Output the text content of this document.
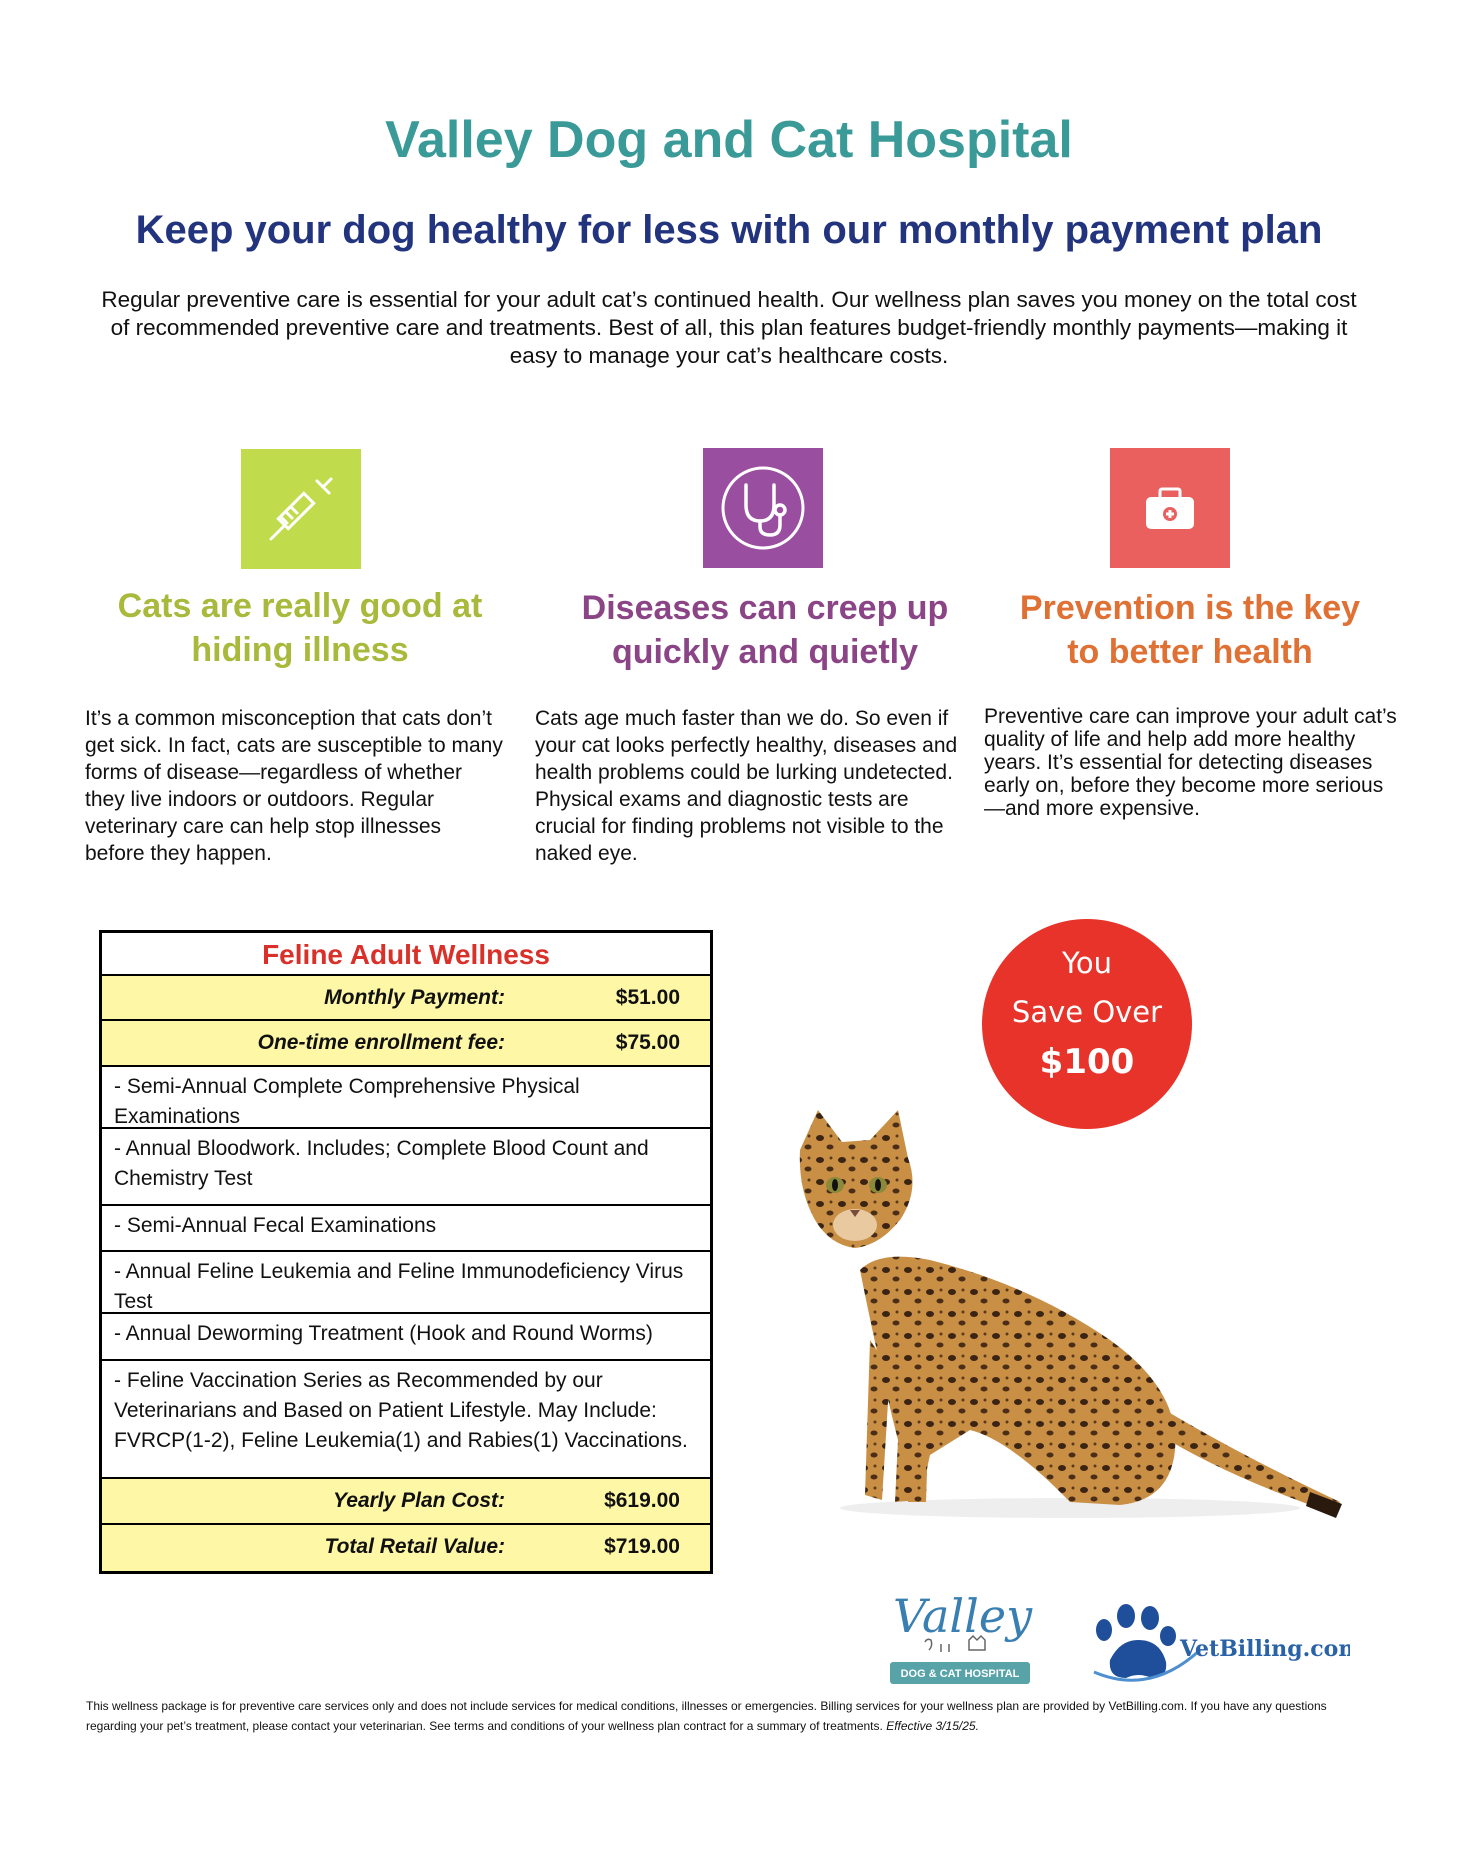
Valley Dog and Cat Hospital
Keep your dog healthy for less with our monthly payment plan
Regular preventive care is essential for your adult cat’s continued health. Our wellness plan saves you money on the total cost of recommended preventive care and treatments. Best of all, this plan features budget-friendly monthly payments—making it easy to manage your cat’s healthcare costs.
Cats are really good at
hiding illness
Diseases can creep up
quickly and quietly
Prevention is the key
to better health
It’s a common misconception that cats don’t get sick. In fact, cats are susceptible to many forms of disease—regardless of whether they live indoors or outdoors. Regular veterinary care can help stop illnesses before they happen.
Cats age much faster than we do. So even if your cat looks perfectly healthy, diseases and health problems could be lurking undetected. Physical exams and diagnostic tests are crucial for finding problems not visible to the naked eye.
Preventive care can improve your adult cat’s quality of life and help add more healthy years. It’s essential for detecting diseases early on, before they become more serious—and more expensive.
Feline Adult Wellness
Monthly Payment:	$51.00
One-time enrollment fee:	$75.00
- Semi-Annual Complete Comprehensive Physical Examinations
- Annual Bloodwork. Includes; Complete Blood Count and Chemistry Test
- Semi-Annual Fecal Examinations
- Annual Feline Leukemia and Feline Immunodeficiency Virus Test
- Annual Deworming Treatment (Hook and Round Worms)
- Feline Vaccination Series as Recommended by our Veterinarians and Based on Patient Lifestyle. May Include: FVRCP(1-2), Feline Leukemia(1) and Rabies(1) Vaccinations.
Yearly Plan Cost:	$619.00
Total Retail Value:	$719.00
You
Save Over
$100
Valley
DOG & CAT HOSPITAL
VetBilling.com
This wellness package is for preventive care services only and does not include services for medical conditions, illnesses or emergencies. Billing services for your wellness plan are provided by VetBilling.com. If you have any questions regarding your pet’s treatment, please contact your veterinarian. See terms and conditions of your wellness plan contract for a summary of treatments. Effective 3/15/25.
